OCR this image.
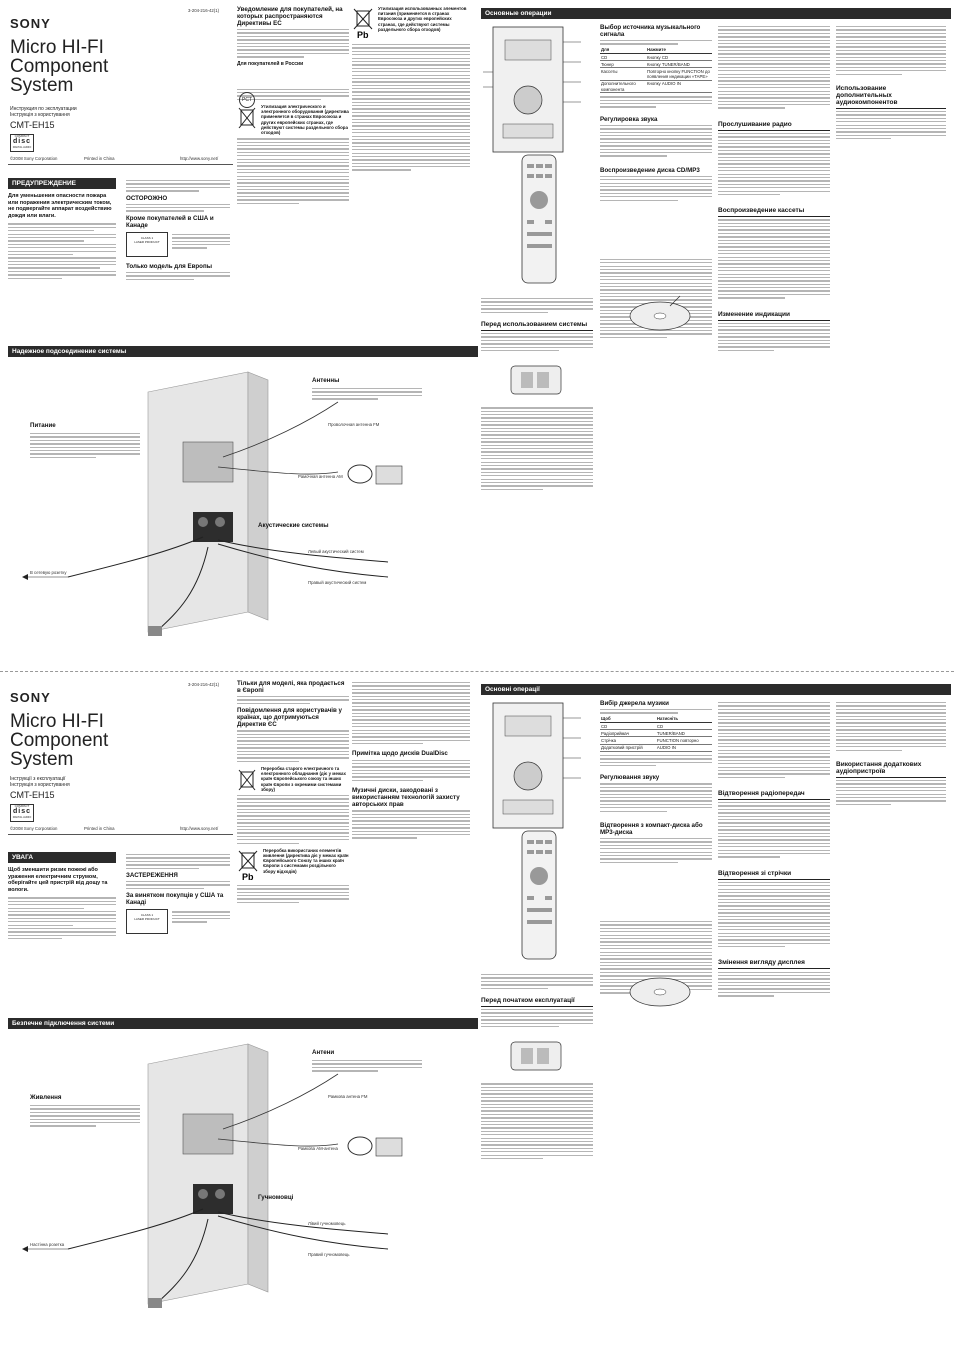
3-204-216-42(1)
SONY
Micro HI-FI
Component
System
Инструкция по эксплуатации
Інструкція з користування
CMT-EH15
COMPACT
disc
DIGITAL AUDIO
©2008 Sony Corporation	Printed in China	http://www.sony.net/
ПРЕДУПРЕЖДЕНИЕ
Для уменьшения опасности пожара или поражения электрическим током, не подвергайте аппарат воздействию дождя или влаги.
ОСТОРОЖНО
Кроме покупателей в США и Канаде
CLASS 1
LASER PRODUCT
Только модель для Европы
Уведомление для покупателей, на которых распространяются Директивы ЕС
Для покупателей в России
PCT
Утилизация электрического и электронного оборудования (директива применяется в странах Евросоюза и других европейских странах, где действуют системы раздельного сбора отходов)
Pb
Утилизация использованных элементов питания (применяется в странах Евросоюза и других европейских странах, где действуют системы раздельного сбора отходов)
Надежное подсоединение системы
Антенны
Проволочная антенна FM
Рамочная антенна AM
Питание
Акустические системы
Левый акустический систем
Правый акустический систем
В сетевую розетку
Основные операции
Выбор источника музыкального сигнала
Для	Нажмите
CD	Кнопку CD
Тюнер	Кнопку TUNER/BAND
Кассеты	Повторно кнопку FUNCTION до появления индикации «TAPE»
Дополнительного компонента	Кнопку AUDIO IN
Регулировка звука
Воспроизведение диска CD/MP3
Перед использованием системы
Прослушивание радио
Воспроизведение кассеты
Изменение индикации
Использование дополнительных аудиокомпонентов
3-204-216-42(1)
SONY
Micro HI-FI
Component
System
Інструкції з експлуатації
Інструкція з користування
CMT-EH15
COMPACT
disc
DIGITAL AUDIO
©2008 Sony Corporation	Printed in China	http://www.sony.net/
УВАГА
Щоб зменшити ризик пожежі або ураження електричним струмом, оберігайте цей пристрій від дощу та вологи.
ЗАСТЕРЕЖЕННЯ
За винятком покупців у США та Канаді
CLASS 1
LASER PRODUCT
Тільки для моделі, яка продається в Європі
Повідомлення для користувачів у країнах, що дотримуються Директив ЄС
Переробка старого електричного та електронного обладнання (діє у межах країн Європейського союзу та інших країн Європи з окремими системами збору)
Pb
Переробка використаних елементів живлення (директива діє у межах країн Європейського Союзу та інших країн Європи з системами роздільного збору відходів)
Примітка щодо дисків DualDisc
Музичні диски, закодовані з використанням технологій захисту авторських прав
Безпечне підключення системи
Антени
Рамкова антена FM
Рамкова AM-антена
Живлення
Гучномовці
Лівий гучномовець
Правий гучномовець
Настінна розетка
Основні операції
Вибір джерела музики
Щоб	Натисніть
CD	CD
Радіоприймач	TUNER/BAND
Стрічка	FUNCTION повторно
Додатковий пристрій	AUDIO IN
Регулювання звуку
Відтворення з компакт-диска або MP3-диска
Перед початком експлуатації
Відтворення радіопередач
Відтворення зі стрічки
Змінення вигляду дисплея
Використання додаткових аудіопристроїв
